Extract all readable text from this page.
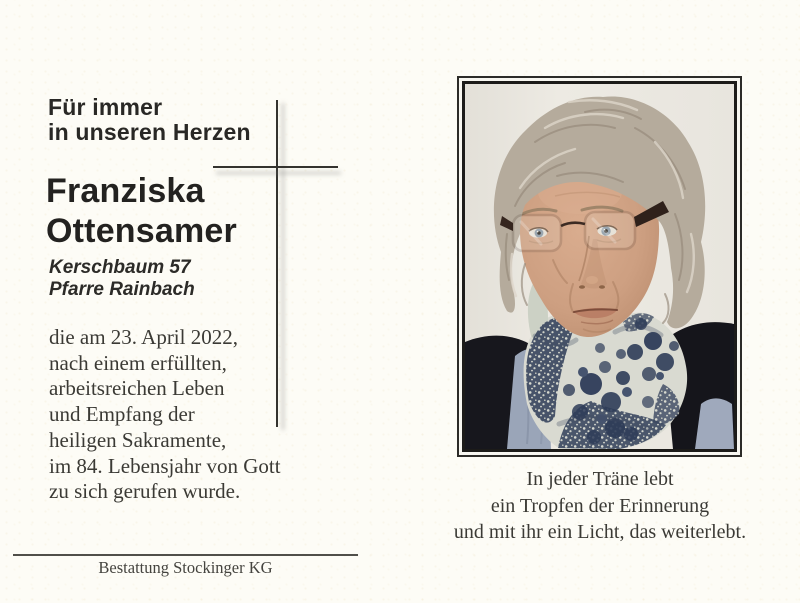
Für immer
in unseren Herzen
Franziska
Ottensamer
Kerschbaum 57
Pfarre Rainbach
die am 23. April 2022,
nach einem erfüllten,
arbeitsreichen Leben
und Empfang der
heiligen Sakramente,
im 84. Lebensjahr von Gott
zu sich gerufen wurde.
Bestattung Stockinger KG
In jeder Träne lebt
ein Tropfen der Erinnerung
und mit ihr ein Licht, das weiterlebt.
